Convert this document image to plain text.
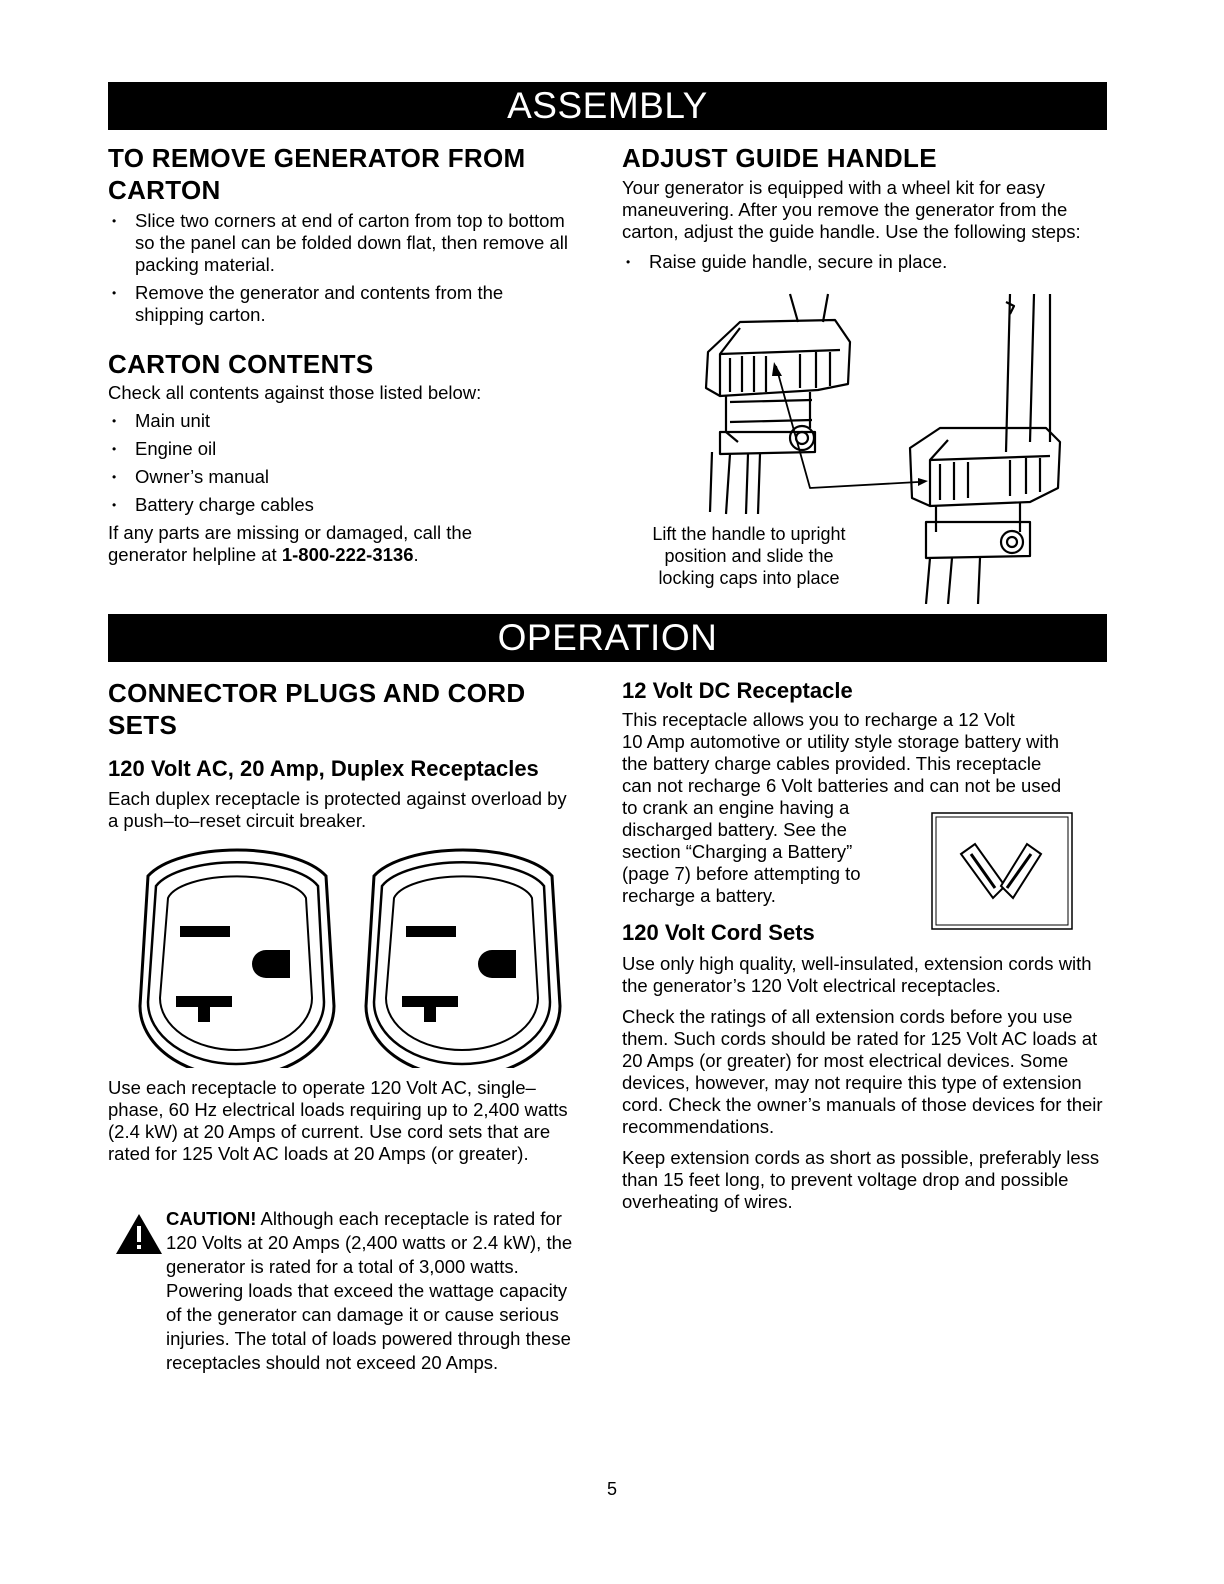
ASSEMBLY
TO REMOVE GENERATOR FROM
CARTON
• Slice two corners at end of carton from top to bottom so the panel can be folded down flat, then remove all packing material.
• Remove the generator and contents from the shipping carton.
CARTON CONTENTS

Check all contents against those listed below:

• Main unit
• Engine oil
• Owner’s manual
• Battery charge cables

If any parts are missing or damaged, call the generator helpline at 1-800-222-3136.

ADJUST GUIDE HANDLE

Your generator is equipped with a wheel kit for easy maneuvering. After you remove the generator from the carton, adjust the guide handle. Use the following steps:

• Raise guide handle, secure in place.
Lift the handle to upright
position and slide the
locking caps into place
OPERATION
CONNECTOR PLUGS AND CORD
SETS
120 Volt AC, 20 Amp, Duplex Receptacles

Each duplex receptacle is protected against overload by a push–to–reset circuit breaker.

Use each receptacle to operate 120 Volt AC, single–phase, 60 Hz electrical loads requiring up to 2,400 watts (2.4 kW) at 20 Amps of current. Use cord sets that are rated for 125 Volt AC loads at 20 Amps (or greater).

CAUTION! Although each receptacle is rated for 120 Volts at 20 Amps (2,400 watts or 2.4 kW), the generator is rated for a total of 3,000 watts. Powering loads that exceed the wattage capacity of the generator can damage it or cause serious injuries. The total of loads powered through these receptacles should not exceed 20 Amps.
12 Volt DC Receptacle
This receptacle allows you to recharge a 12 Volt
10 Amp automotive or utility style storage battery with
the battery charge cables provided. This receptacle
can not recharge 6 Volt batteries and can not be used
to crank an engine having a
discharged battery. See the
section “Charging a Battery”
(page 7) before attempting to
recharge a battery.
120 Volt Cord Sets

Use only high quality, well-insulated, extension cords with the generator’s 120 Volt electrical receptacles.

Check the ratings of all extension cords before you use them. Such cords should be rated for 125 Volt AC loads at 20 Amps (or greater) for most electrical devices. Some devices, however, may not require this type of extension cord. Check the owner’s manuals of those devices for their recommendations.

Keep extension cords as short as possible, preferably less than 15 feet long, to prevent voltage drop and possible overheating of wires.

5
